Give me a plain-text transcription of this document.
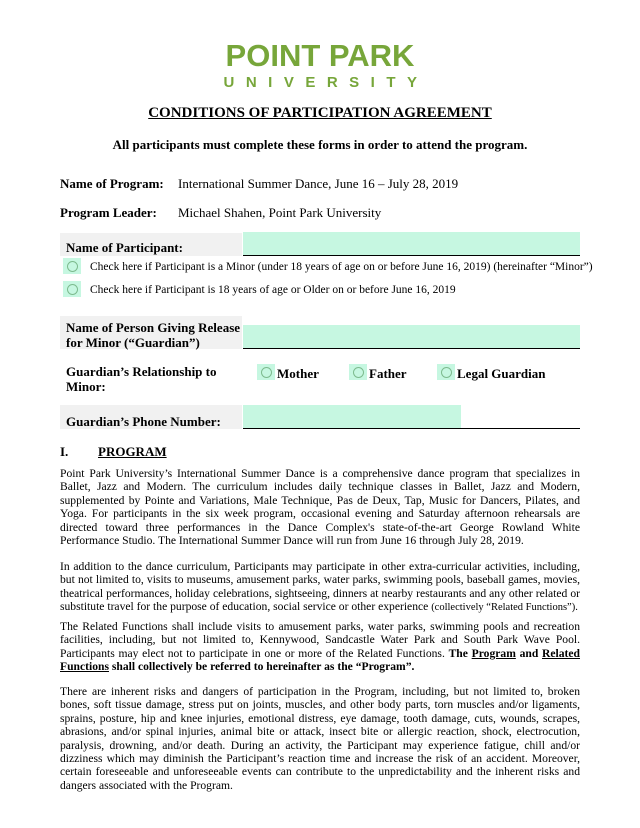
POINT PARK
UNIVERSITY
CONDITIONS OF PARTICIPATION AGREEMENT
All participants must complete these forms in order to attend the program.
Name of Program: International Summer Dance, June 16 – July 28, 2019
Program Leader: Michael Shahen, Point Park University
Name of Participant:
Check here if Participant is a Minor (under 18 years of age on or before June 16, 2019) (hereinafter “Minor”)
Check here if Participant is 18 years of age or Older on or before June 16, 2019
Name of Person Giving Release
for Minor (“Guardian”)
Guardian’s Relationship to
Minor:
Mother	Father	Legal Guardian
Guardian’s Phone Number:
I. PROGRAM
Point Park University’s International Summer Dance is a comprehensive dance program that specializes in Ballet, Jazz and Modern. The curriculum includes daily technique classes in Ballet, Jazz and Modern, supplemented by Pointe and Variations, Male Technique, Pas de Deux, Tap, Music for Dancers, Pilates, and Yoga. For participants in the six week program, occasional evening and Saturday afternoon rehearsals are directed toward three performances in the Dance Complex's state-of-the-art George Rowland White Performance Studio. The International Summer Dance will run from June 16 through July 28, 2019.
In addition to the dance curriculum, Participants may participate in other extra-curricular activities, including, but not limited to, visits to museums, amusement parks, water parks, swimming pools, baseball games, movies, theatrical performances, holiday celebrations, sightseeing, dinners at nearby restaurants and any other related or substitute travel for the purpose of education, social service or other experience (collectively “Related Functions”).
The Related Functions shall include visits to amusement parks, water parks, swimming pools and recreation facilities, including, but not limited to, Kennywood, Sandcastle Water Park and South Park Wave Pool. Participants may elect not to participate in one or more of the Related Functions. The Program and Related Functions shall collectively be referred to hereinafter as the “Program”.
There are inherent risks and dangers of participation in the Program, including, but not limited to, broken bones, soft tissue damage, stress put on joints, muscles, and other body parts, torn muscles and/or ligaments, sprains, posture, hip and knee injuries, emotional distress, eye damage, tooth damage, cuts, wounds, scrapes, abrasions, and/or spinal injuries, animal bite or attack, insect bite or allergic reaction, shock, electrocution, paralysis, drowning, and/or death. During an activity, the Participant may experience fatigue, chill and/or dizziness which may diminish the Participant’s reaction time and increase the risk of an accident. Moreover, certain foreseeable and unforeseeable events can contribute to the unpredictability and the inherent risks and dangers associated with the Program.
